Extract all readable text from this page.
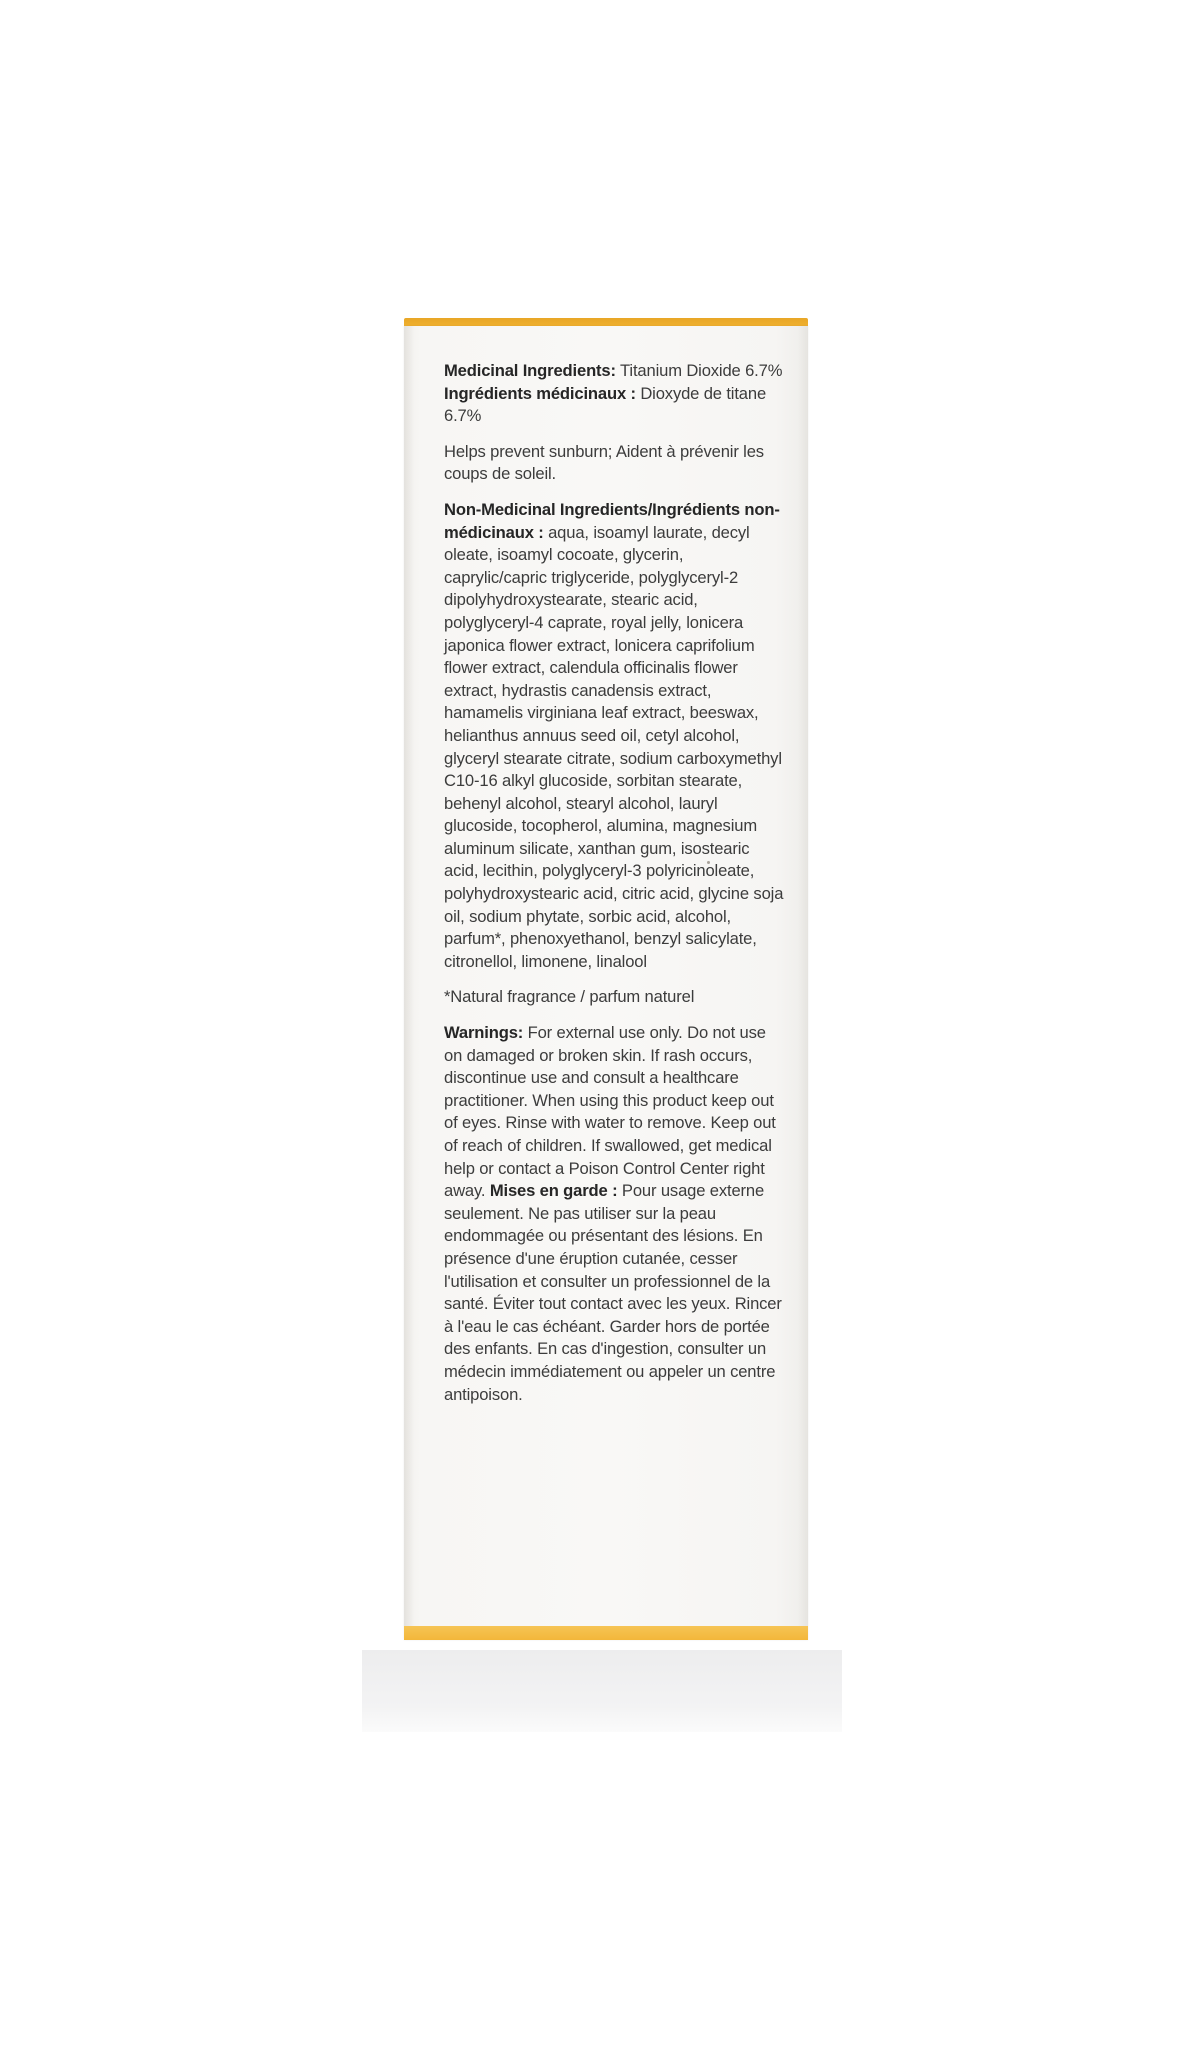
Medicinal Ingredients: Titanium Dioxide 6.7%
Ingrédients médicinaux : Dioxyde de titane 6.7%

Helps prevent sunburn; Aident à prévenir les coups de soleil.

Non-Medicinal Ingredients/Ingrédients non-médicinaux : aqua, isoamyl laurate, decyl oleate, isoamyl cocoate, glycerin, caprylic/capric triglyceride, polyglyceryl-2 dipolyhydroxystearate, stearic acid, polyglyceryl-4 caprate, royal jelly, lonicera japonica flower extract, lonicera caprifolium flower extract, calendula officinalis flower extract, hydrastis canadensis extract, hamamelis virginiana leaf extract, beeswax, helianthus annuus seed oil, cetyl alcohol, glyceryl stearate citrate, sodium carboxymethyl C10-16 alkyl glucoside, sorbitan stearate, behenyl alcohol, stearyl alcohol, lauryl glucoside, tocopherol, alumina, magnesium aluminum silicate, xanthan gum, isostearic acid, lecithin, polyglyceryl-3 polyricinoleate, polyhydroxystearic acid, citric acid, glycine soja oil, sodium phytate, sorbic acid, alcohol, parfum*, phenoxyethanol, benzyl salicylate, citronellol, limonene, linalool

*Natural fragrance / parfum naturel

Warnings: For external use only. Do not use on damaged or broken skin. If rash occurs, discontinue use and consult a healthcare practitioner. When using this product keep out of eyes. Rinse with water to remove. Keep out of reach of children. If swallowed, get medical help or contact a Poison Control Center right away. Mises en garde : Pour usage externe seulement. Ne pas utiliser sur la peau endommagée ou présentant des lésions. En présence d'une éruption cutanée, cesser l'utilisation et consulter un professionnel de la santé. Éviter tout contact avec les yeux. Rincer à l'eau le cas échéant. Garder hors de portée des enfants. En cas d'ingestion, consulter un médecin immédiatement ou appeler un centre antipoison.
